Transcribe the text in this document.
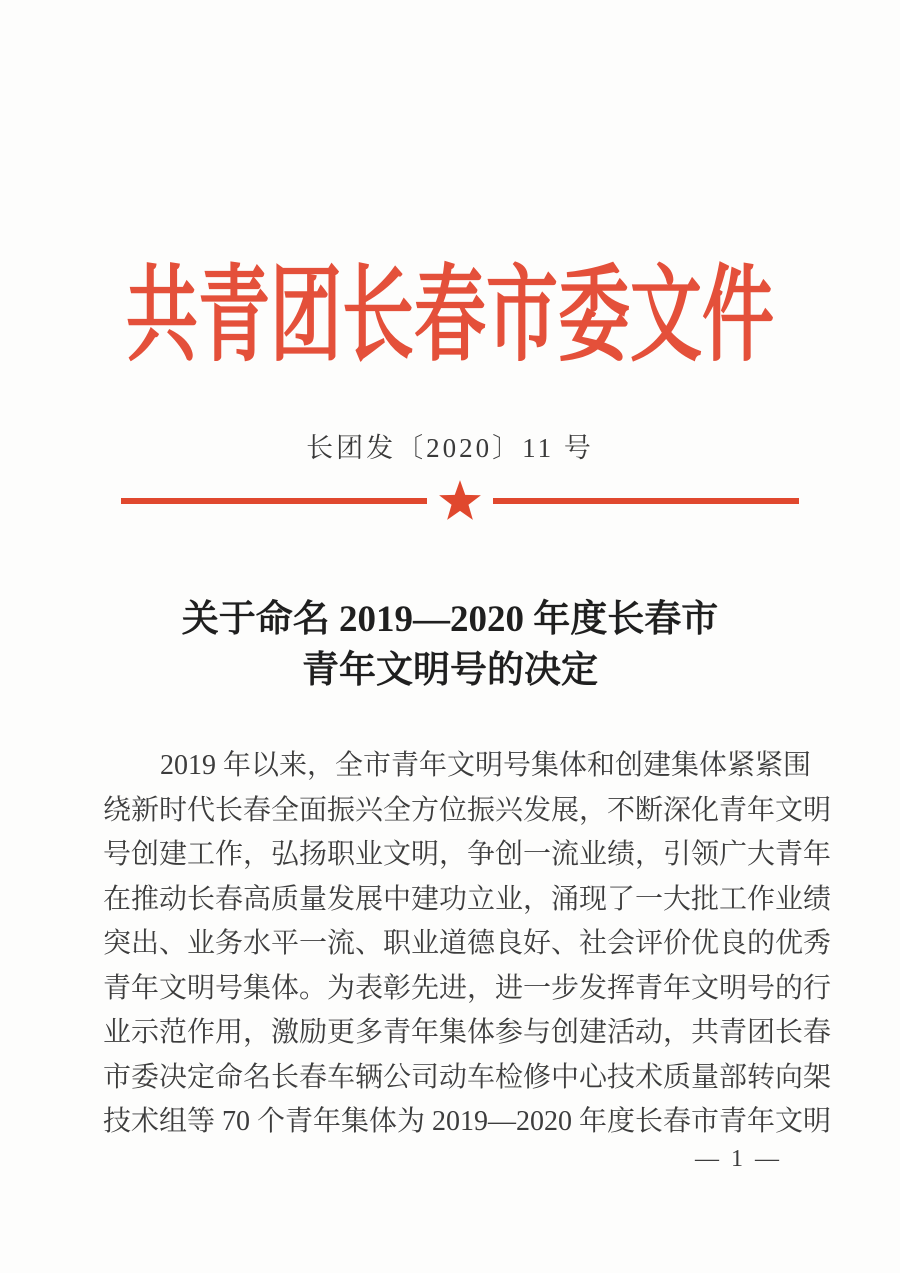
共青团长春市委文件
长团发〔2020〕11 号
关于命名 2019—2020 年度长春市
青年文明号的决定
2019 年以来，全市青年文明号集体和创建集体紧紧围
绕新时代长春全面振兴全方位振兴发展，不断深化青年文明
号创建工作，弘扬职业文明，争创一流业绩，引领广大青年
在推动长春高质量发展中建功立业，涌现了一大批工作业绩
突出、业务水平一流、职业道德良好、社会评价优良的优秀
青年文明号集体。为表彰先进，进一步发挥青年文明号的行
业示范作用，激励更多青年集体参与创建活动，共青团长春
市委决定命名长春车辆公司动车检修中心技术质量部转向架
技术组等 70 个青年集体为 2019—2020 年度长春市青年文明
— 1 —
